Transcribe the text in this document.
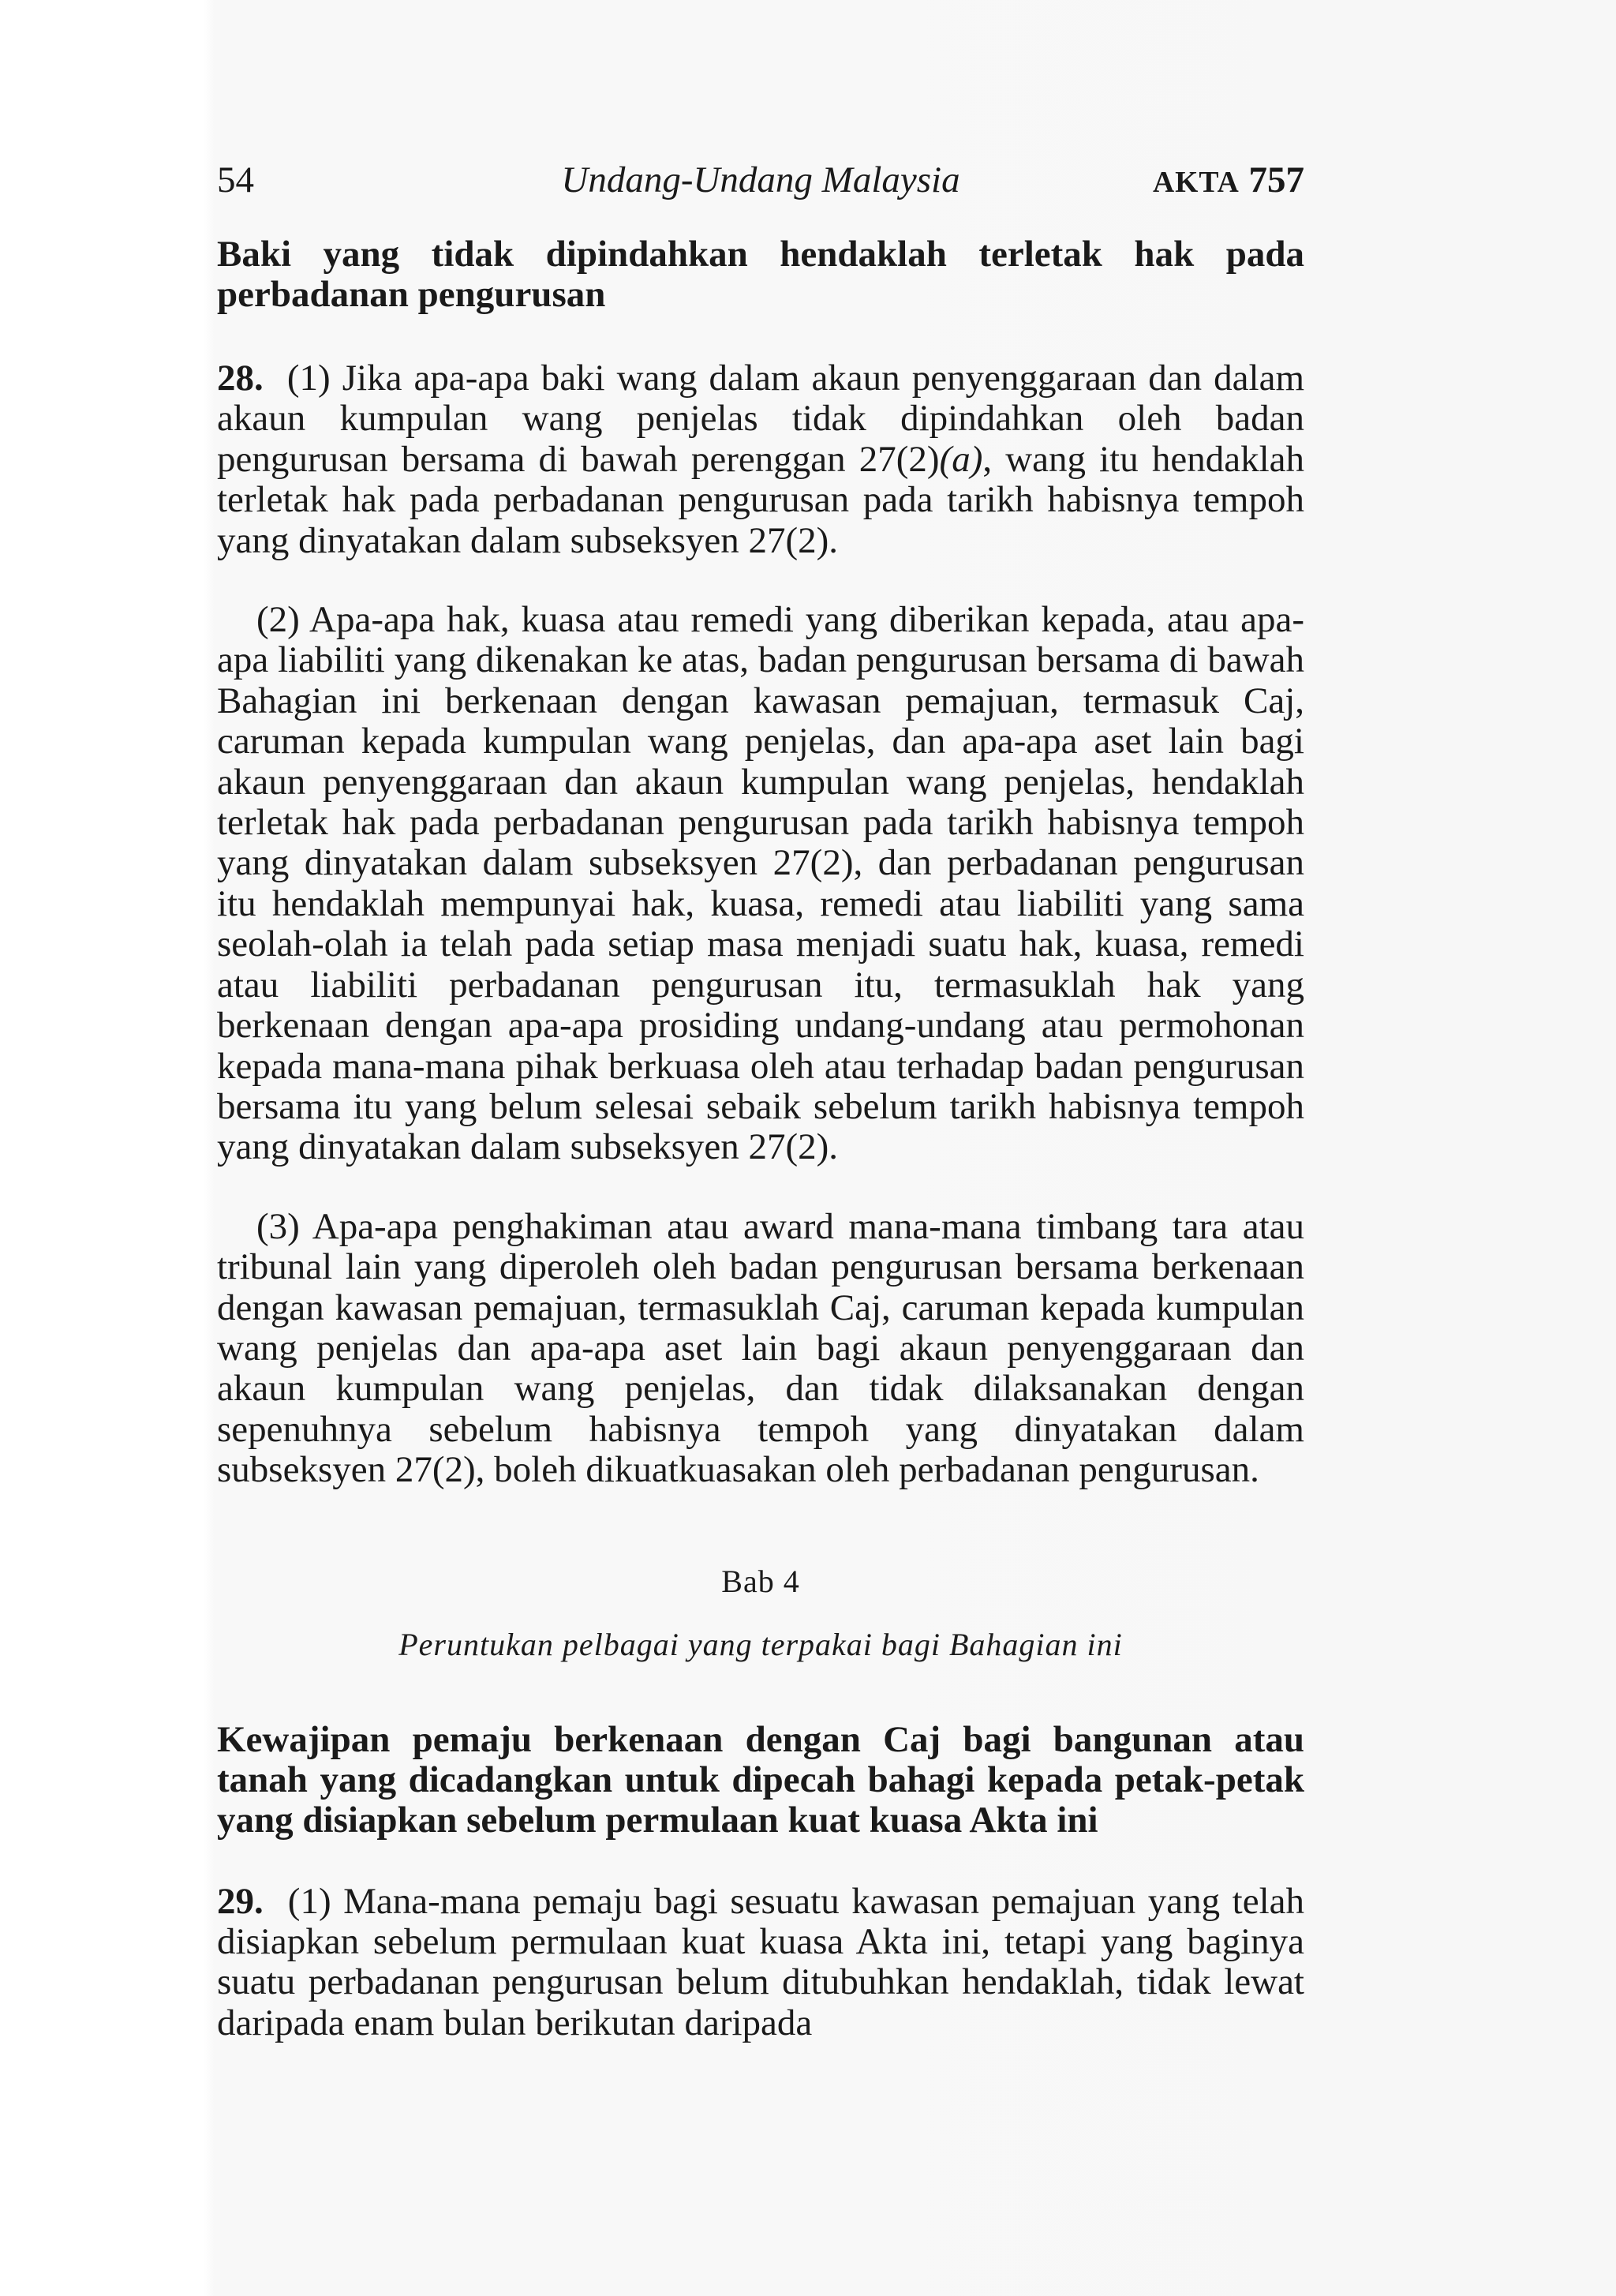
54	Undang-Undang Malaysia	AKTA 757
Baki yang tidak dipindahkan hendaklah terletak hak pada perbadanan pengurusan

28. (1) Jika apa-apa baki wang dalam akaun penyenggaraan dan dalam akaun kumpulan wang penjelas tidak dipindahkan oleh badan pengurusan bersama di bawah perenggan 27(2)(a), wang itu hendaklah terletak hak pada perbadanan pengurusan pada tarikh habisnya tempoh yang dinyatakan dalam subseksyen 27(2).

(2) Apa-apa hak, kuasa atau remedi yang diberikan kepada, atau apa-apa liabiliti yang dikenakan ke atas, badan pengurusan bersama di bawah Bahagian ini berkenaan dengan kawasan pemajuan, termasuk Caj, caruman kepada kumpulan wang penjelas, dan apa-apa aset lain bagi akaun penyenggaraan dan akaun kumpulan wang penjelas, hendaklah terletak hak pada perbadanan pengurusan pada tarikh habisnya tempoh yang dinyatakan dalam subseksyen 27(2), dan perbadanan pengurusan itu hendaklah mempunyai hak, kuasa, remedi atau liabiliti yang sama seolah-olah ia telah pada setiap masa menjadi suatu hak, kuasa, remedi atau liabiliti perbadanan pengurusan itu, termasuklah hak yang berkenaan dengan apa-apa prosiding undang-undang atau permohonan kepada mana-mana pihak berkuasa oleh atau terhadap badan pengurusan bersama itu yang belum selesai sebaik sebelum tarikh habisnya tempoh yang dinyatakan dalam subseksyen 27(2).

(3) Apa-apa penghakiman atau award mana-mana timbang tara atau tribunal lain yang diperoleh oleh badan pengurusan bersama berkenaan dengan kawasan pemajuan, termasuklah Caj, caruman kepada kumpulan wang penjelas dan apa-apa aset lain bagi akaun penyenggaraan dan akaun kumpulan wang penjelas, dan tidak dilaksanakan dengan sepenuhnya sebelum habisnya tempoh yang dinyatakan dalam subseksyen 27(2), boleh dikuatkuasakan oleh perbadanan pengurusan.

Bab 4
Peruntukan pelbagai yang terpakai bagi Bahagian ini
Kewajipan pemaju berkenaan dengan Caj bagi bangunan atau tanah yang dicadangkan untuk dipecah bahagi kepada petak-petak yang disiapkan sebelum permulaan kuat kuasa Akta ini

29. (1) Mana-mana pemaju bagi sesuatu kawasan pemajuan yang telah disiapkan sebelum permulaan kuat kuasa Akta ini, tetapi yang baginya suatu perbadanan pengurusan belum ditubuhkan hendaklah, tidak lewat daripada enam bulan berikutan daripada
